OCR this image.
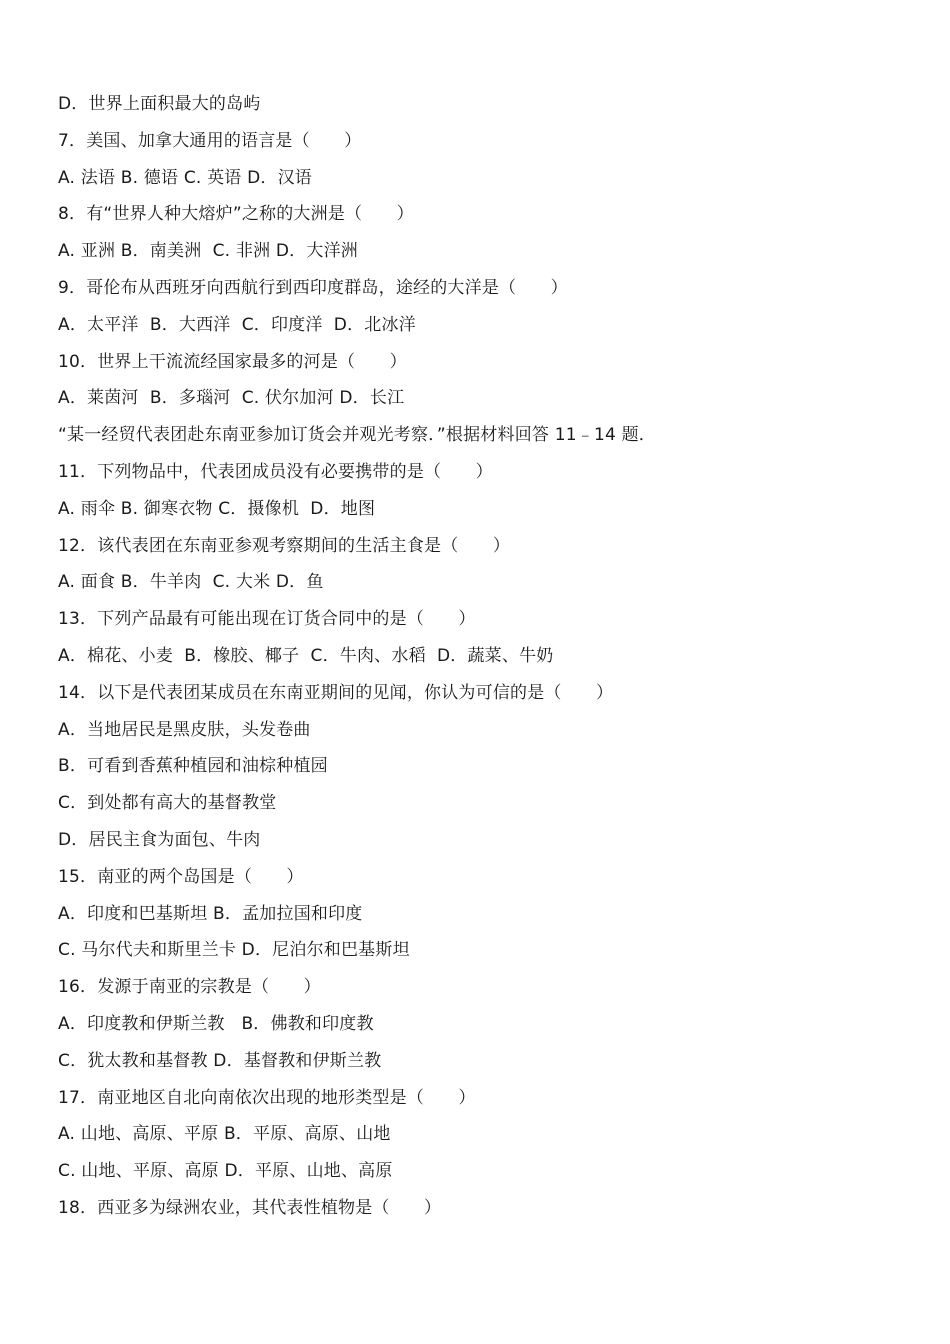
D．世界上面积最大的岛屿
7．美国、加拿大通用的语言是（　　）
A. 法语 B. 德语 C. 英语 D．汉语
8．有“世界人种大熔炉”之称的大洲是（　　）
A. 亚洲 B．南美洲  C. 非洲 D．大洋洲
9．哥伦布从西班牙向西航行到西印度群岛，途经的大洋是（　　）
A．太平洋  B．大西洋  C．印度洋  D．北冰洋
10．世界上干流流经国家最多的河是（　　）
A．莱茵河  B．多瑙河  C. 伏尔加河 D．长江
“某一经贸代表团赴东南亚参加订货会并观光考察．”根据材料回答 11﹣14 题．
11．下列物品中，代表团成员没有必要携带的是（　　）
A. 雨伞 B. 御寒衣物 C．摄像机  D．地图
12．该代表团在东南亚参观考察期间的生活主食是（　　）
A. 面食 B．牛羊肉  C. 大米 D．鱼
13．下列产品最有可能出现在订货合同中的是（　　）
A．棉花、小麦  B．橡胶、椰子  C．牛肉、水稻  D．蔬菜、牛奶
14．以下是代表团某成员在东南亚期间的见闻，你认为可信的是（　　）
A．当地居民是黑皮肤，头发卷曲
B．可看到香蕉种植园和油棕种植园
C．到处都有高大的基督教堂
D．居民主食为面包、牛肉
15．南亚的两个岛国是（　　）
A．印度和巴基斯坦 B．孟加拉国和印度
C. 马尔代夫和斯里兰卡 D．尼泊尔和巴基斯坦
16．发源于南亚的宗教是（　　）
A．印度教和伊斯兰教   B．佛教和印度教
C．犹太教和基督教 D．基督教和伊斯兰教
17．南亚地区自北向南依次出现的地形类型是（　　）
A. 山地、高原、平原 B．平原、高原、山地
C. 山地、平原、高原 D．平原、山地、高原
18．西亚多为绿洲农业，其代表性植物是（　　）
